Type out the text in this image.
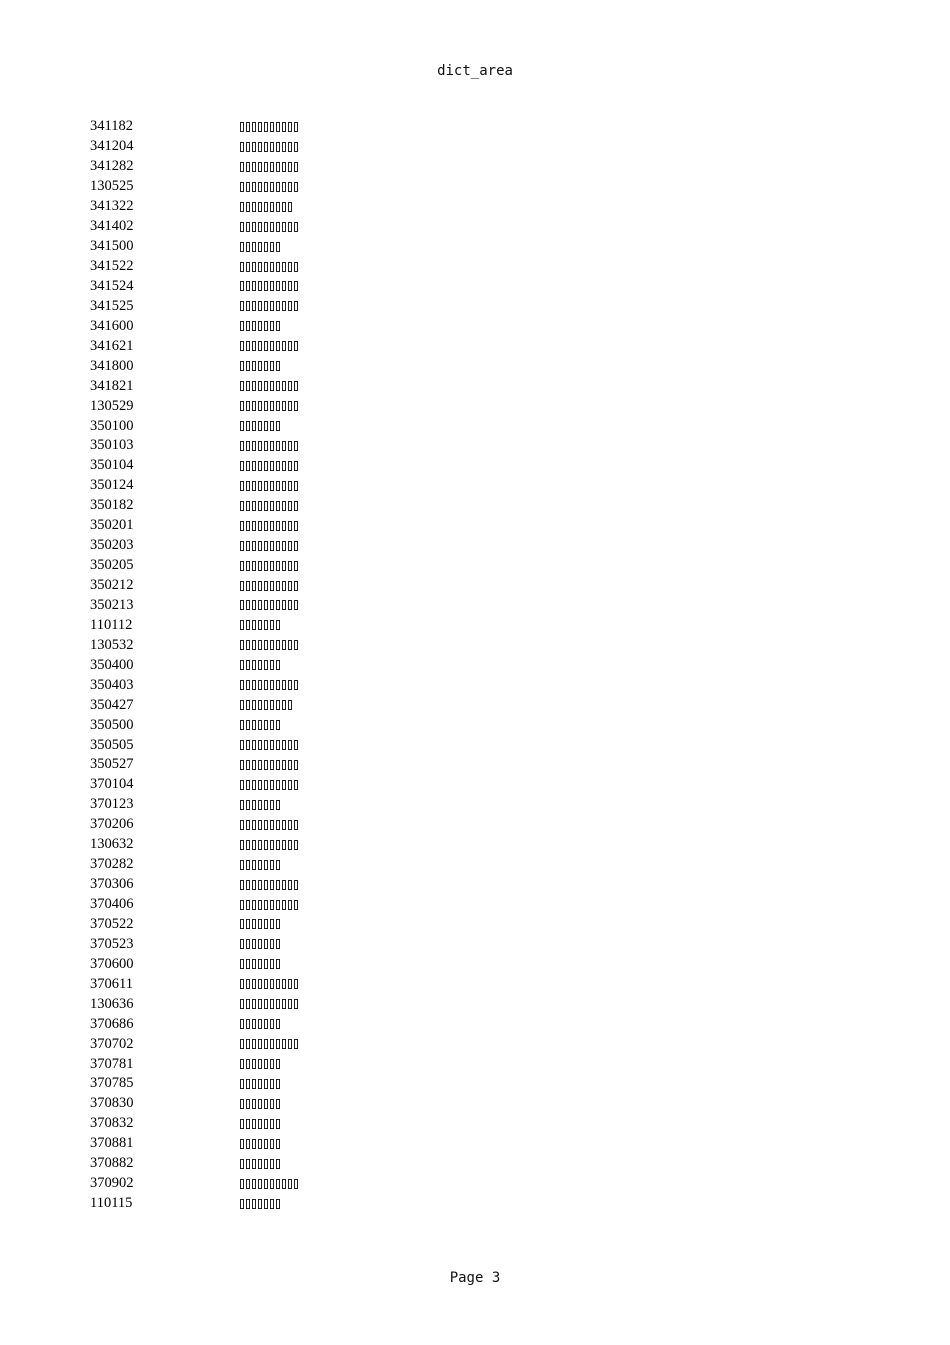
dict_area
341182
341204
341282
130525
341322
341402
341500
341522
341524
341525
341600
341621
341800
341821
130529
350100
350103
350104
350124
350182
350201
350203
350205
350212
350213
110112
130532
350400
350403
350427
350500
350505
350527
370104
370123
370206
130632
370282
370306
370406
370522
370523
370600
370611
130636
370686
370702
370781
370785
370830
370832
370881
370882
370902
110115
Page 3
